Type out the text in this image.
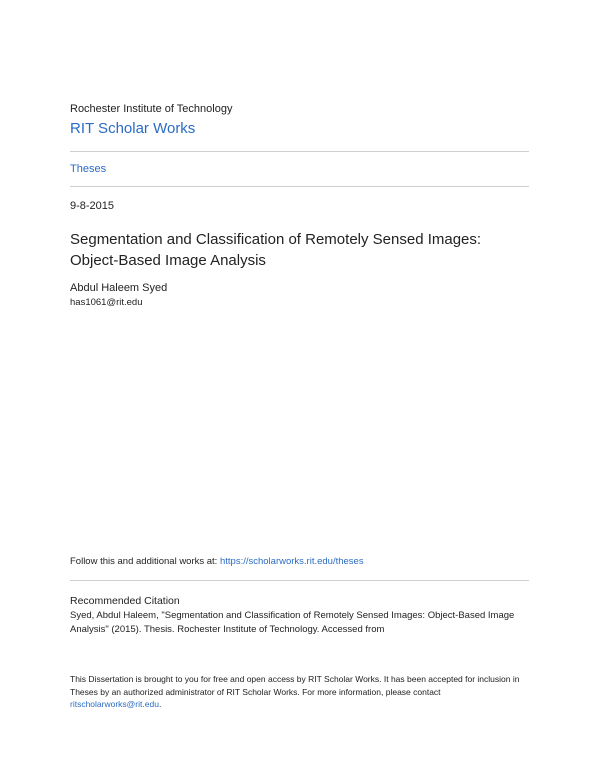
Rochester Institute of Technology
RIT Scholar Works
Theses
9-8-2015
Segmentation and Classification of Remotely Sensed Images: Object-Based Image Analysis
Abdul Haleem Syed
has1061@rit.edu
Follow this and additional works at: https://scholarworks.rit.edu/theses
Recommended Citation
Syed, Abdul Haleem, "Segmentation and Classification of Remotely Sensed Images: Object-Based Image Analysis" (2015). Thesis. Rochester Institute of Technology. Accessed from
This Dissertation is brought to you for free and open access by RIT Scholar Works. It has been accepted for inclusion in Theses by an authorized administrator of RIT Scholar Works. For more information, please contact ritscholarworks@rit.edu.
